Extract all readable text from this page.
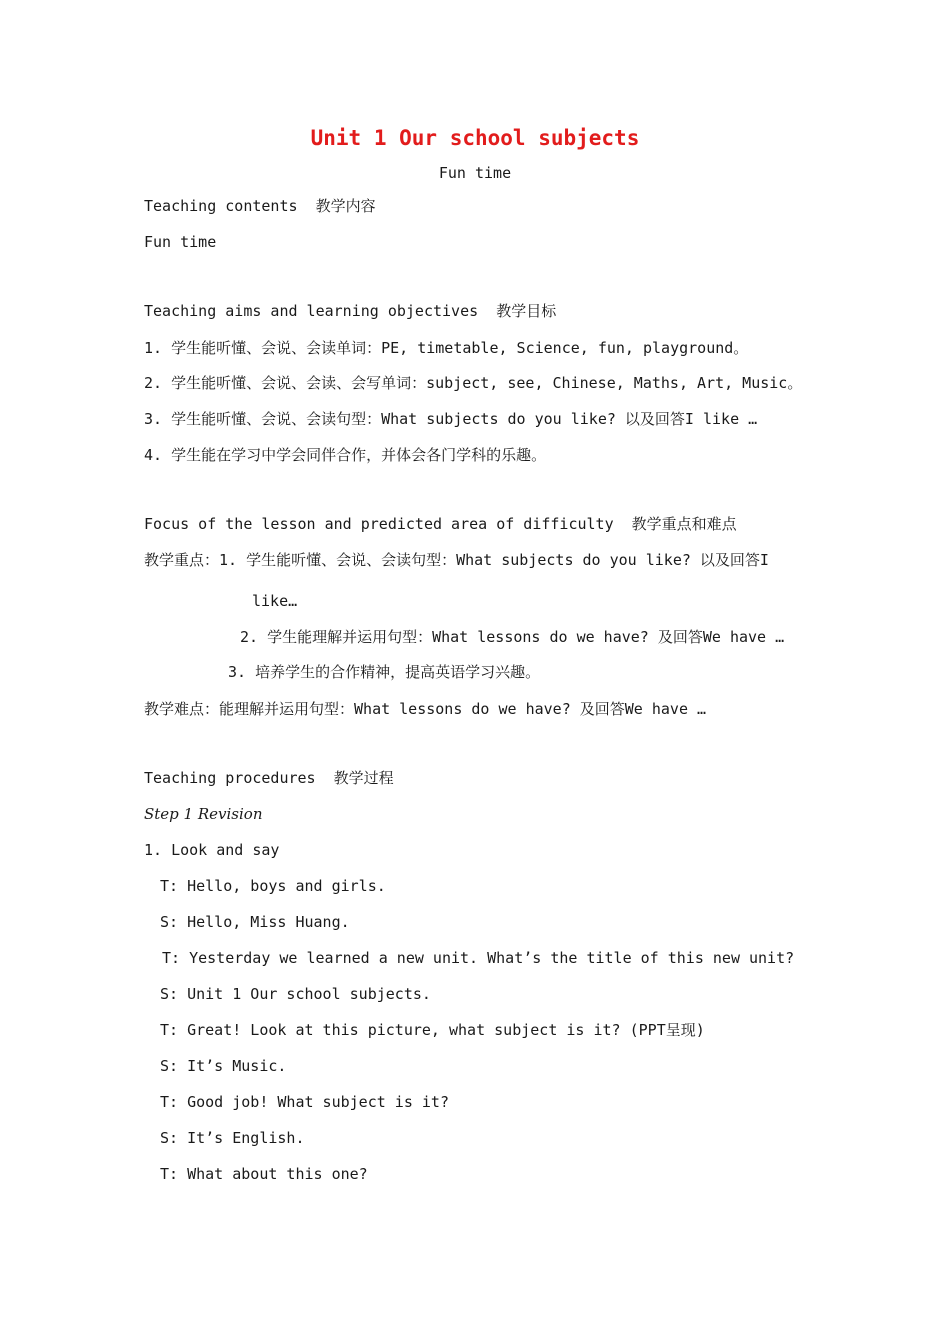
Unit 1 Our school subjects
Fun time
Teaching contents  教学内容
Fun time
Teaching aims and learning objectives  教学目标
1. 学生能听懂、会说、会读单词：PE, timetable, Science, fun, playground。
2. 学生能听懂、会说、会读、会写单词：subject, see, Chinese, Maths, Art, Music。
3. 学生能听懂、会说、会读句型：What subjects do you like? 以及回答I like …
4. 学生能在学习中学会同伴合作，并体会各门学科的乐趣。
Focus of the lesson and predicted area of difficulty  教学重点和难点
教学重点：1. 学生能听懂、会说、会读句型：What subjects do you like? 以及回答I
like…
2. 学生能理解并运用句型：What lessons do we have? 及回答We have …
3. 培养学生的合作精神，提高英语学习兴趣。
教学难点：能理解并运用句型：What lessons do we have? 及回答We have …
Teaching procedures  教学过程
Step 1 Revision
1. Look and say
T: Hello, boys and girls.
S: Hello, Miss Huang.
T: Yesterday we learned a new unit. What’s the title of this new unit?
S: Unit 1 Our school subjects.
T: Great! Look at this picture, what subject is it? (PPT呈现)
S: It’s Music.
T: Good job! What subject is it?
S: It’s English.
T: What about this one?
